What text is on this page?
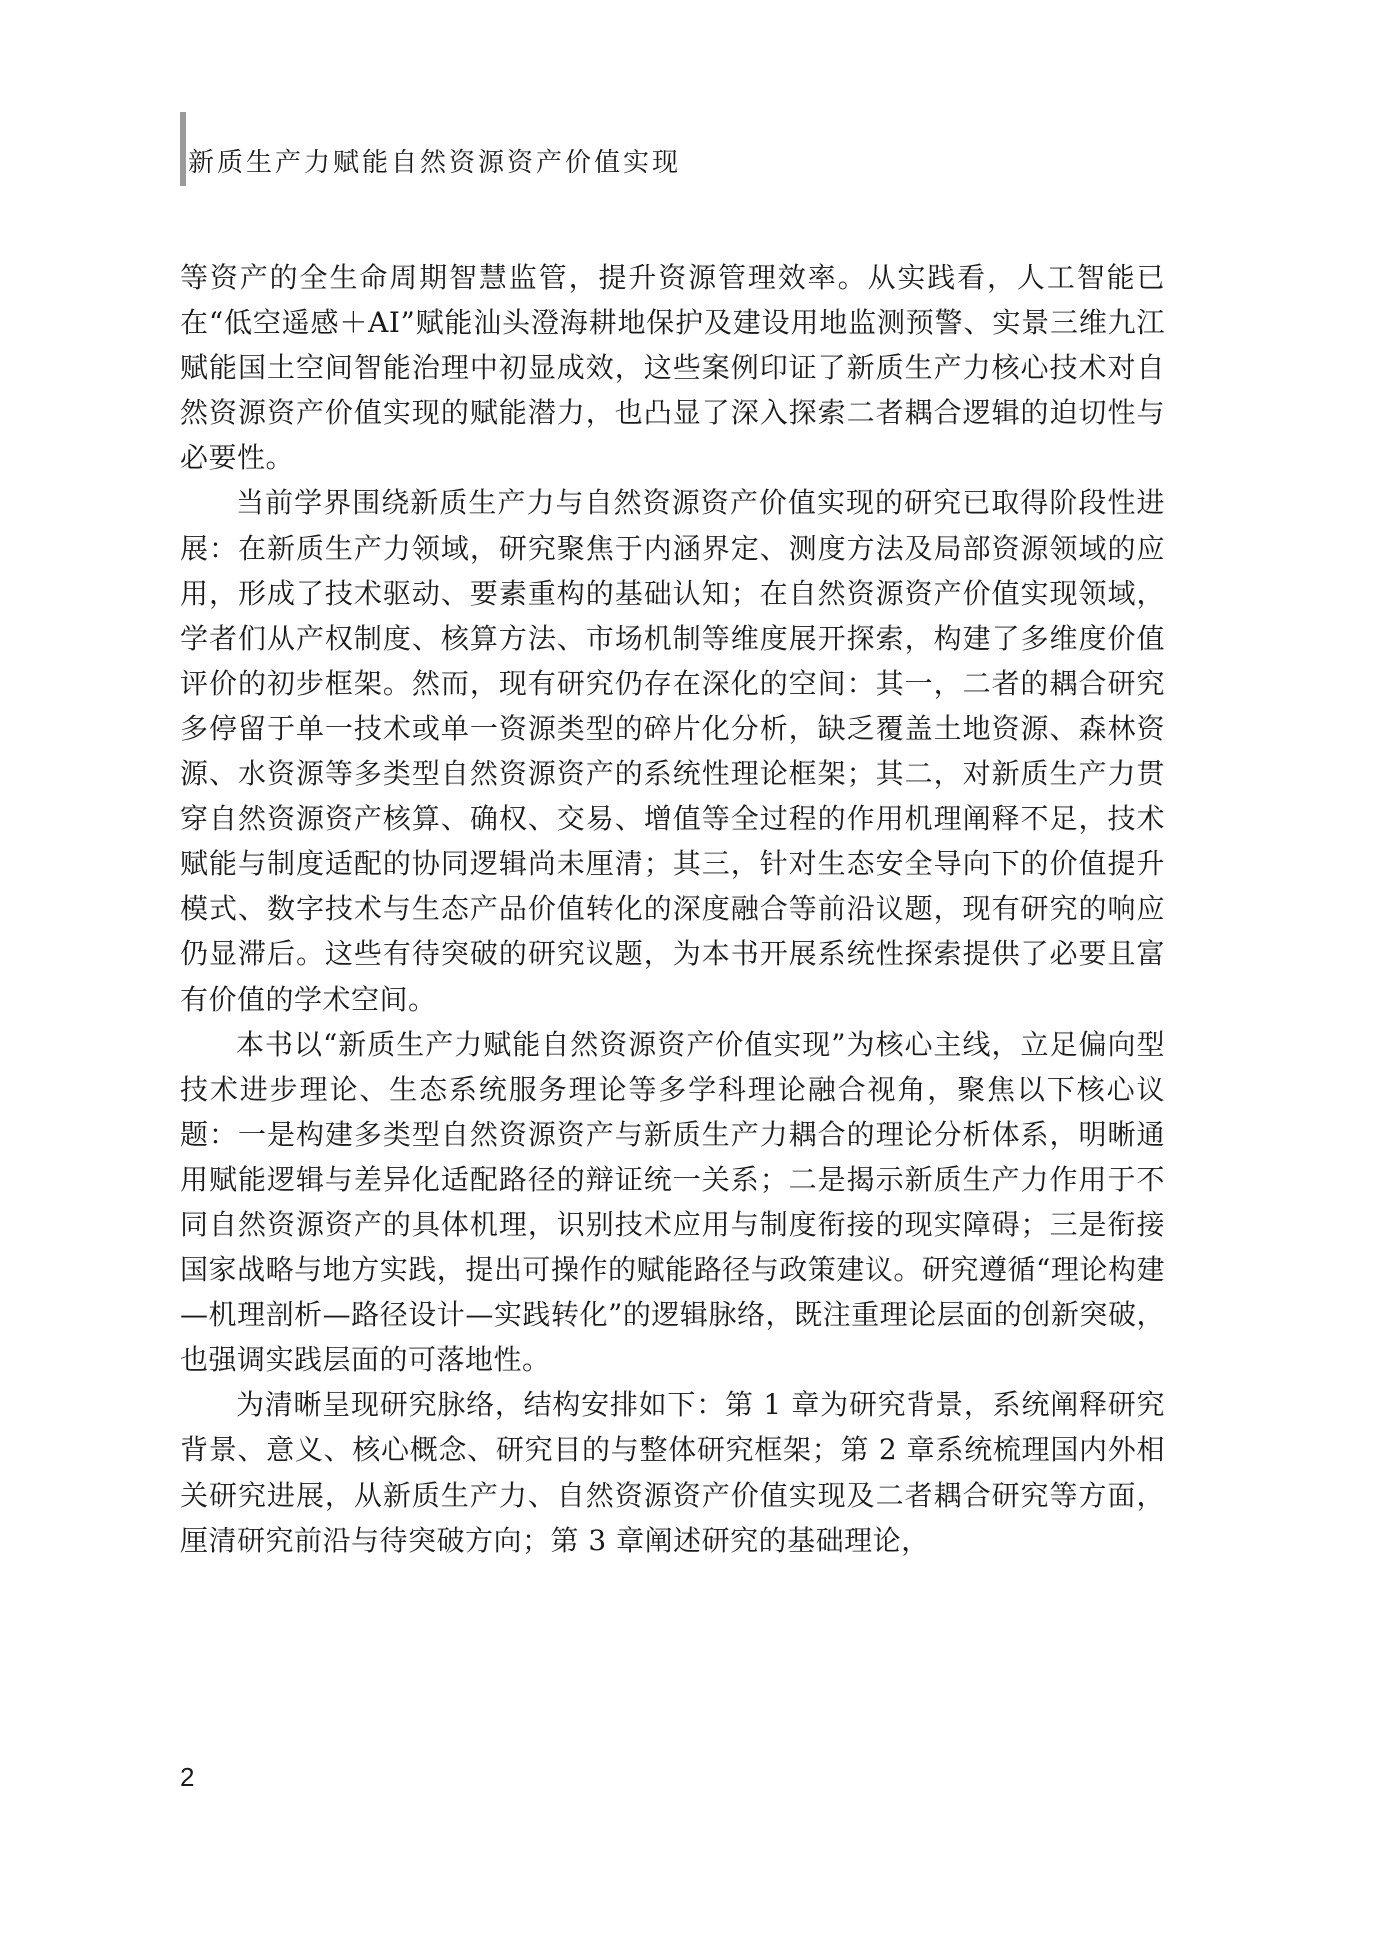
新质生产力赋能自然资源资产价值实现

等资产的全生命周期智慧监管，提升资源管理效率。从实践看，人工智能已在“低空遥感＋AI”赋能汕头澄海耕地保护及建设用地监测预警、实景三维九江赋能国土空间智能治理中初显成效，这些案例印证了新质生产力核心技术对自然资源资产价值实现的赋能潜力，也凸显了深入探索二者耦合逻辑的迫切性与必要性。

当前学界围绕新质生产力与自然资源资产价值实现的研究已取得阶段性进展：在新质生产力领域，研究聚焦于内涵界定、测度方法及局部资源领域的应用，形成了技术驱动、要素重构的基础认知；在自然资源资产价值实现领域，学者们从产权制度、核算方法、市场机制等维度展开探索，构建了多维度价值评价的初步框架。然而，现有研究仍存在深化的空间：其一，二者的耦合研究多停留于单一技术或单一资源类型的碎片化分析，缺乏覆盖土地资源、森林资源、水资源等多类型自然资源资产的系统性理论框架；其二，对新质生产力贯穿自然资源资产核算、确权、交易、增值等全过程的作用机理阐释不足，技术赋能与制度适配的协同逻辑尚未厘清；其三，针对生态安全导向下的价值提升模式、数字技术与生态产品价值转化的深度融合等前沿议题，现有研究的响应仍显滞后。这些有待突破的研究议题，为本书开展系统性探索提供了必要且富有价值的学术空间。

本书以“新质生产力赋能自然资源资产价值实现”为核心主线，立足偏向型技术进步理论、生态系统服务理论等多学科理论融合视角，聚焦以下核心议题：一是构建多类型自然资源资产与新质生产力耦合的理论分析体系，明晰通用赋能逻辑与差异化适配路径的辩证统一关系；二是揭示新质生产力作用于不同自然资源资产的具体机理，识别技术应用与制度衔接的现实障碍；三是衔接国家战略与地方实践，提出可操作的赋能路径与政策建议。研究遵循“理论构建—机理剖析—路径设计—实践转化”的逻辑脉络，既注重理论层面的创新突破，也强调实践层面的可落地性。

为清晰呈现研究脉络，结构安排如下：第 1 章为研究背景，系统阐释研究背景、意义、核心概念、研究目的与整体研究框架；第 2 章系统梳理国内外相关研究进展，从新质生产力、自然资源资产价值实现及二者耦合研究等方面，厘清研究前沿与待突破方向；第 3 章阐述研究的基础理论，

2
